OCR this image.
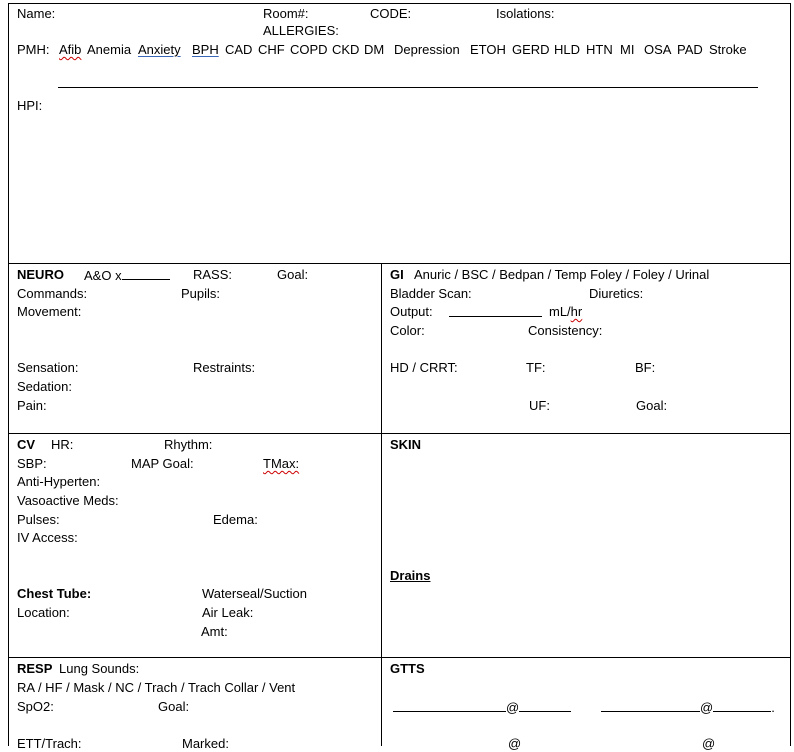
Name:	Room#:	CODE:	Isolations:
ALLERGIES:
PMH: Afib Anemia Anxiety BPH CAD CHF COPD CKD DM Depression ETOH GERD HLD HTN MI OSA PAD Stroke
HPI:
NEURO A&O x	RASS:	Goal:
Commands:	Pupils:
Movement:
Sensation:	Restraints:
Sedation:
Pain:
GI Anuric / BSC / Bedpan / Temp Foley / Foley / Urinal
Bladder Scan:	Diuretics:
Output:	mL/hr
Color:	Consistency:
HD / CRRT:	TF:	BF:
UF:	Goal:
CV HR:	Rhythm:
SBP:	MAP Goal:	TMax:
Anti-Hyperten:
Vasoactive Meds:
Pulses:	Edema:
IV Access:
Chest Tube:	Waterseal/Suction
Location:	Air Leak:
Amt:
SKIN
Drains
RESP Lung Sounds:
RA / HF / Mask / NC / Trach / Trach Collar / Vent
SpO2:	Goal:
ETT/Trach:	Marked:
GTTS
@	@	.
@	@
